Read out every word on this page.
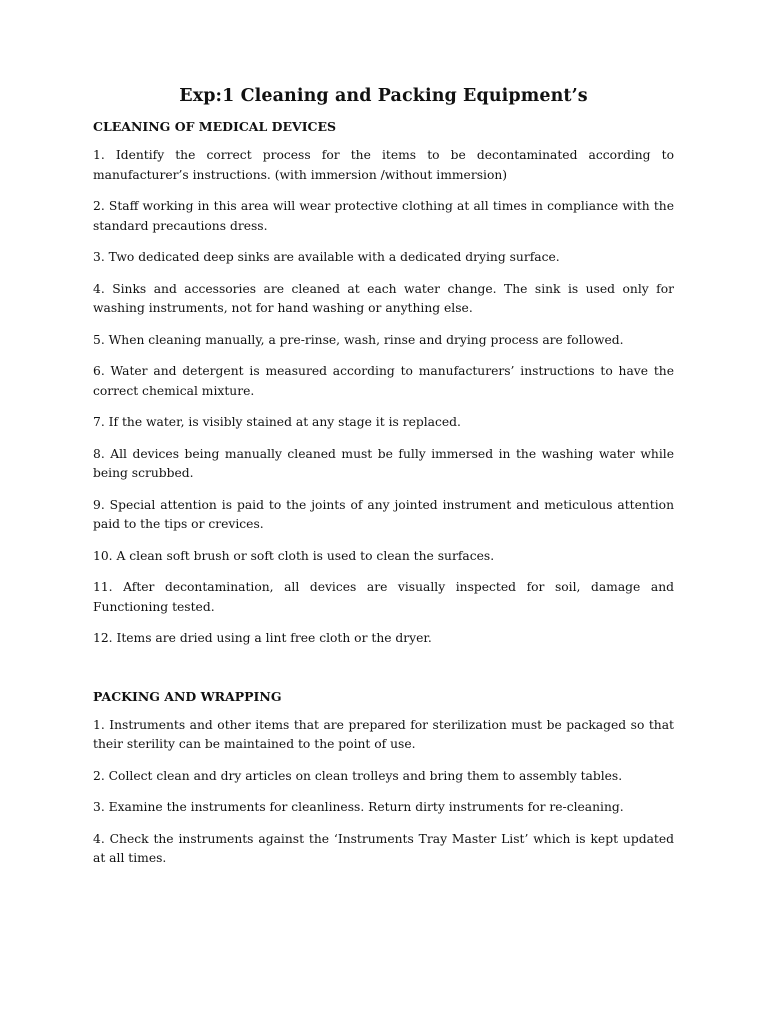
Exp:1 Cleaning and Packing Equipment’s
CLEANING OF MEDICAL DEVICES

1. Identify the correct process for the items to be decontaminated according to manufacturer’s instructions. (with immersion /without immersion)

2. Staff working in this area will wear protective clothing at all times in compliance with the standard precautions dress.

3. Two dedicated deep sinks are available with a dedicated drying surface.

4. Sinks and accessories are cleaned at each water change. The sink is used only for washing instruments, not for hand washing or anything else.

5. When cleaning manually, a pre-rinse, wash, rinse and drying process are followed.

6. Water and detergent is measured according to manufacturers’ instructions to have the correct chemical mixture.

7. If the water, is visibly stained at any stage it is replaced.

8. All devices being manually cleaned must be fully immersed in the washing water while being scrubbed.

9. Special attention is paid to the joints of any jointed instrument and meticulous attention paid to the tips or crevices.

10. A clean soft brush or soft cloth is used to clean the surfaces.

11. After decontamination, all devices are visually inspected for soil, damage and Functioning tested.

12. Items are dried using a lint free cloth or the dryer.

PACKING AND WRAPPING

1. Instruments and other items that are prepared for sterilization must be packaged so that their sterility can be maintained to the point of use.

2. Collect clean and dry articles on clean trolleys and bring them to assembly tables.

3. Examine the instruments for cleanliness. Return dirty instruments for re-cleaning.

4. Check the instruments against the ‘Instruments Tray Master List’ which is kept updated at all times.
